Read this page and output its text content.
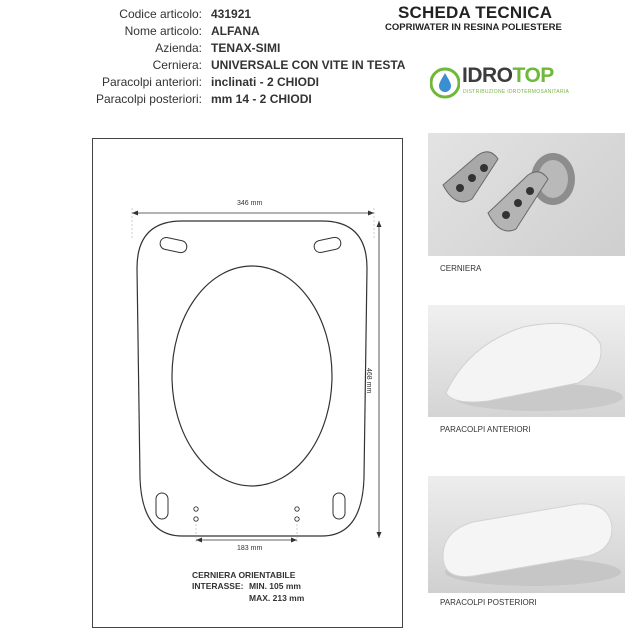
SCHEDA TECNICA
COPRIWATER IN RESINA POLIESTERE
Codice articolo: 431921
Nome articolo: ALFANA
Azienda: TENAX-SIMI
Cerniera: UNIVERSALE CON VITE IN TESTA
Paracolpi anteriori: inclinati - 2 CHIODI
Paracolpi posteriori: mm 14 - 2 CHIODI
IDROTOP
DISTRIBUZIONE IDROTERMOSANITARIA
346 mm
468 mm
183 mm
CERNIERA ORIENTABILE
INTERASSE: MIN. 105 mm
MAX. 213 mm
CERNIERA
PARACOLPI ANTERIORI
PARACOLPI POSTERIORI
